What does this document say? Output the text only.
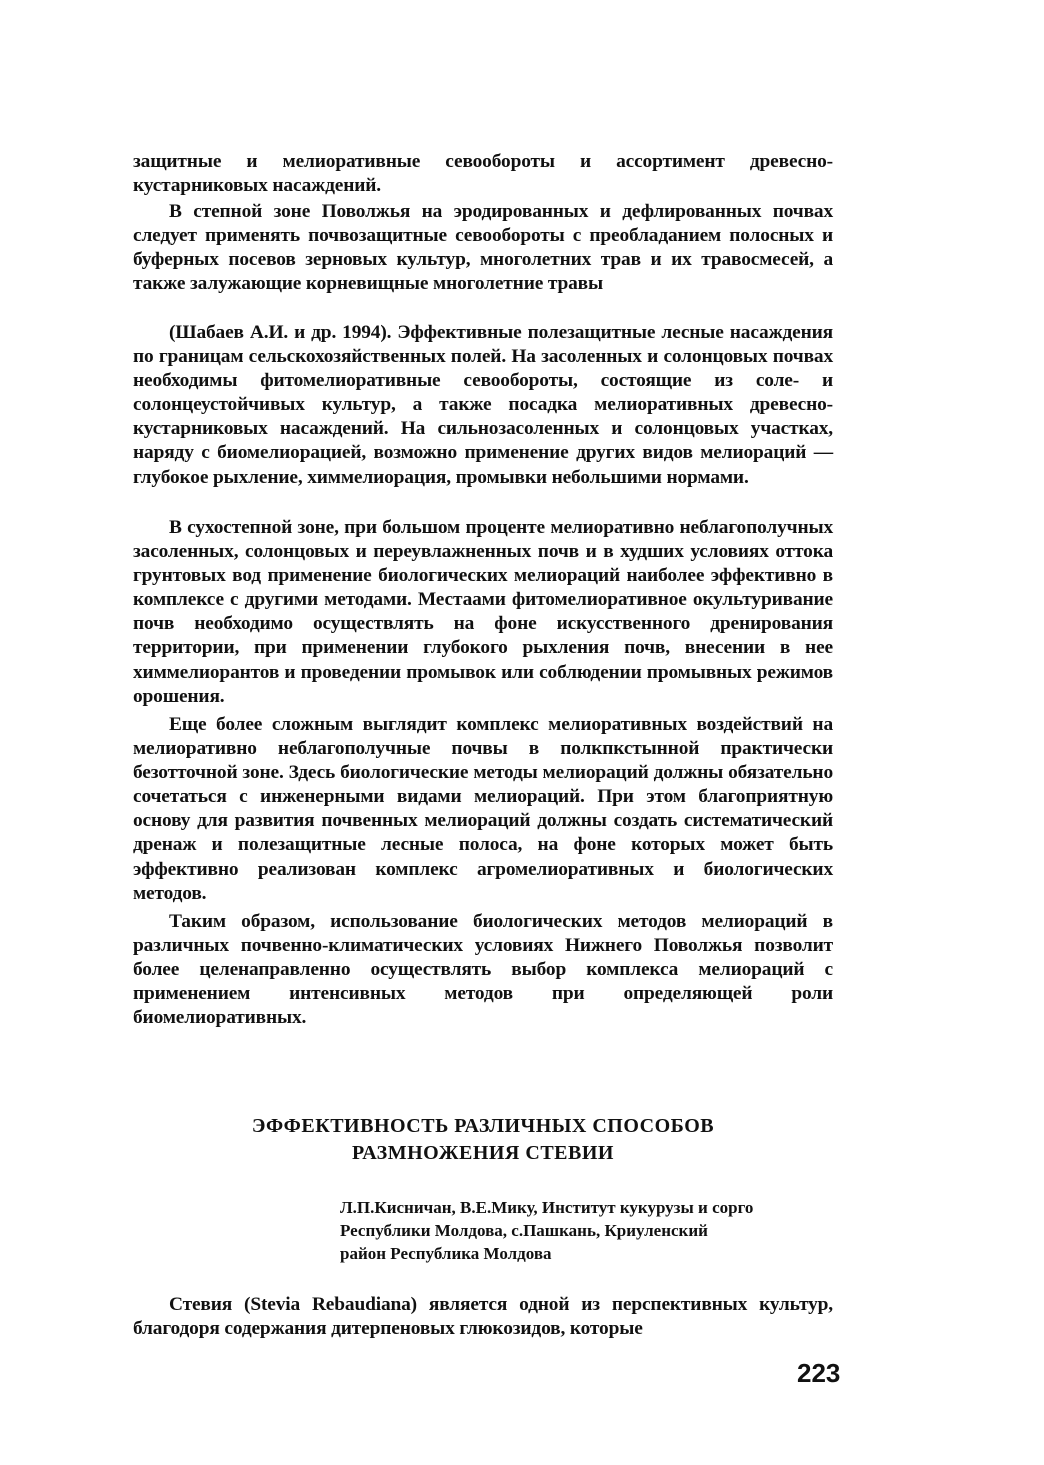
защитные и мелиоративные севообороты и ассортимент древесно-кустарниковых насаждений.

В степной зоне Поволжья на эродированных и дефлированных почвах следует применять почвозащитные севообороты с преобладанием полосных и буферных посевов зерновых культур, многолетних трав и их травосмесей, а также залужающие корневищные многолетние травы

(Шабаев А.И. и др. 1994). Эффективные полезащитные лесные насаждения по границам сельскохозяйственных полей. На засоленных и солонцовых почвах необходимы фитомелиоративные севообороты, состоящие из соле- и солонцеустойчивых культур, а также посадка мелиоративных древесно-кустарниковых насаждений. На сильнозасоленных и солонцовых участках, наряду с биомелиорацией, возможно применение других видов мелиораций — глубокое рыхление, химмелиорация, промывки небольшими нормами.

В сухостепной зоне, при большом проценте мелиоративно неблагополучных засоленных, солонцовых и переувлажненных почв и в худших условиях оттока грунтовых вод применение биологических мелиораций наиболее эффективно в комплексе с другими методами. Местаами фитомелиоративное окультуривание почв необходимо осуществлять на фоне искусственного дренирования территории, при применении глубокого рыхления почв, внесении в нее химмелиорантов и проведении промывок или соблюдении промывных режимов орошения.

Еще более сложным выглядит комплекс мелиоративных воздействий на мелиоративно неблагополучные почвы в полкпкстынной практически безотточной зоне. Здесь биологические методы мелиораций должны обязательно сочетаться с инженерными видами мелиораций. При этом благоприятную основу для развития почвенных мелиораций должны создать систематический дренаж и полезащитные лесные полоса, на фоне которых может быть эффективно реализован комплекс агромелиоративных и биологических методов.

Таким образом, использование биологических методов мелиораций в различных почвенно-климатических условиях Нижнего Поволжья позволит более целенаправленно осуществлять выбор комплекса мелиораций с применением интенсивных методов при определяющей роли биомелиоративных.

ЭФФЕКТИВНОСТЬ РАЗЛИЧНЫХ СПОСОБОВ
РАЗМНОЖЕНИЯ СТЕВИИ
Л.П.Кисничан, В.Е.Мику, Институт кукурузы и сорго
Республики Молдова, с.Пашкань, Криуленский
район Республика Молдова

Стевия (Stevia Rebaudiana) является одной из перспективных культур, благодоря содержания дитерпеновых глюкозидов, которые

223
